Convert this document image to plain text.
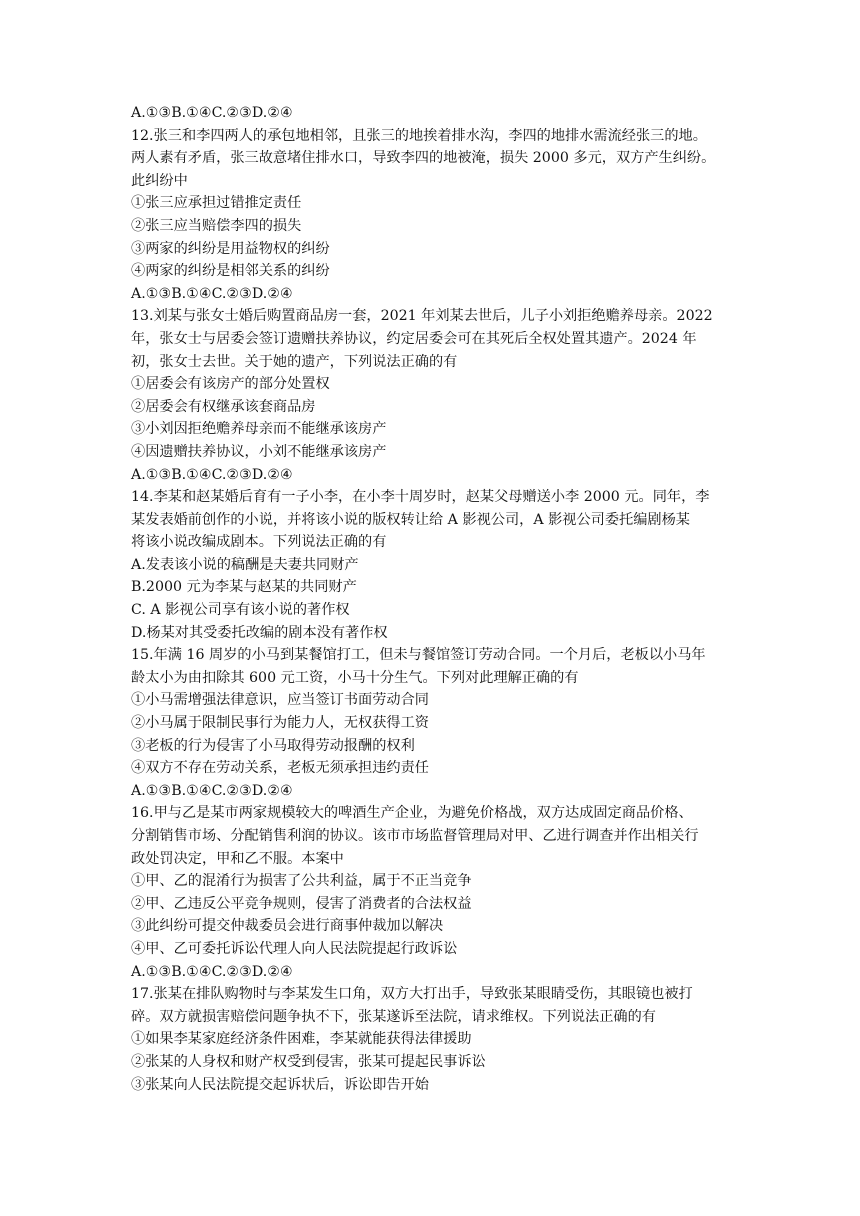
A.①③B.①④C.②③D.②④
12.张三和李四两人的承包地相邻，且张三的地挨着排水沟，李四的地排水需流经张三的地。
两人素有矛盾，张三故意堵住排水口，导致李四的地被淹，损失 2000 多元，双方产生纠纷。
此纠纷中
①张三应承担过错推定责任
②张三应当赔偿李四的损失
③两家的纠纷是用益物权的纠纷
④两家的纠纷是相邻关系的纠纷
A.①③B.①④C.②③D.②④
13.刘某与张女士婚后购置商品房一套，2021 年刘某去世后，儿子小刘拒绝赡养母亲。2022
年，张女士与居委会签订遗赠扶养协议，约定居委会可在其死后全权处置其遗产。2024 年
初，张女士去世。关于她的遗产，下列说法正确的有
①居委会有该房产的部分处置权
②居委会有权继承该套商品房
③小刘因拒绝赡养母亲而不能继承该房产
④因遗赠扶养协议，小刘不能继承该房产
A.①③B.①④C.②③D.②④
14.李某和赵某婚后育有一子小李，在小李十周岁时，赵某父母赠送小李 2000 元。同年，李
某发表婚前创作的小说，并将该小说的版权转让给 A 影视公司，A 影视公司委托编剧杨某
将该小说改编成剧本。下列说法正确的有
A.发表该小说的稿酬是夫妻共同财产
B.2000 元为李某与赵某的共同财产
C. A 影视公司享有该小说的著作权
D.杨某对其受委托改编的剧本没有著作权
15.年满 16 周岁的小马到某餐馆打工，但未与餐馆签订劳动合同。一个月后，老板以小马年
龄太小为由扣除其 600 元工资，小马十分生气。下列对此理解正确的有
①小马需增强法律意识，应当签订书面劳动合同
②小马属于限制民事行为能力人，无权获得工资
③老板的行为侵害了小马取得劳动报酬的权利
④双方不存在劳动关系，老板无须承担违约责任
A.①③B.①④C.②③D.②④
16.甲与乙是某市两家规模较大的啤酒生产企业，为避免价格战，双方达成固定商品价格、
分割销售市场、分配销售利润的协议。该市市场监督管理局对甲、乙进行调查并作出相关行
政处罚决定，甲和乙不服。本案中
①甲、乙的混淆行为损害了公共利益，属于不正当竞争
②甲、乙违反公平竞争规则，侵害了消费者的合法权益
③此纠纷可提交仲裁委员会进行商事仲裁加以解决
④甲、乙可委托诉讼代理人向人民法院提起行政诉讼
A.①③B.①④C.②③D.②④
17.张某在排队购物时与李某发生口角，双方大打出手，导致张某眼睛受伤，其眼镜也被打
碎。双方就损害赔偿问题争执不下，张某遂诉至法院，请求维权。下列说法正确的有
①如果李某家庭经济条件困难，李某就能获得法律援助
②张某的人身权和财产权受到侵害，张某可提起民事诉讼
③张某向人民法院提交起诉状后，诉讼即告开始
